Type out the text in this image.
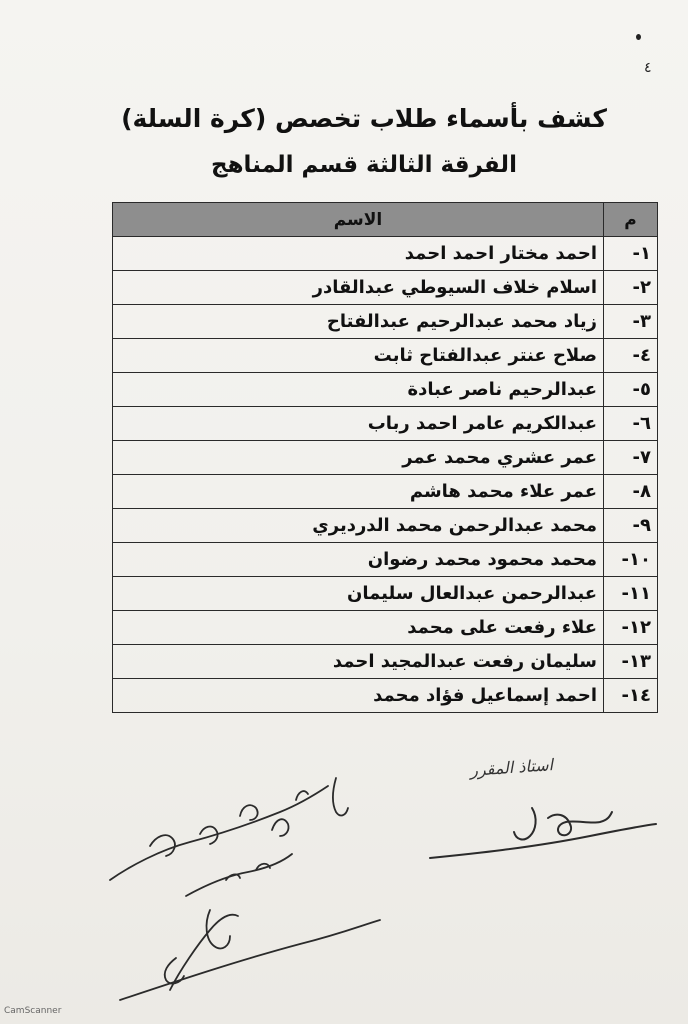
٤
كشف بأسماء طلاب تخصص (كرة السلة)
الفرقة الثالثة قسم المناهج
م	الاسم
١-	احمد مختار احمد احمد
٢-	اسلام خلاف السيوطي عبدالقادر
٣-	زياد محمد عبدالرحيم عبدالفتاح
٤-	صلاح عنتر عبدالفتاح ثابت
٥-	عبدالرحيم ناصر عبادة
٦-	عبدالكريم عامر احمد رباب
٧-	عمر عشري محمد عمر
٨-	عمر علاء محمد هاشم
٩-	محمد عبدالرحمن محمد الدرديري
١٠-	محمد محمود محمد رضوان
١١-	عبدالرحمن عبدالعال سليمان
١٢-	علاء رفعت على محمد
١٣-	سليمان رفعت عبدالمجيد احمد
١٤-	احمد إسماعيل فؤاد محمد
استاذ المقرر
CamScanner
